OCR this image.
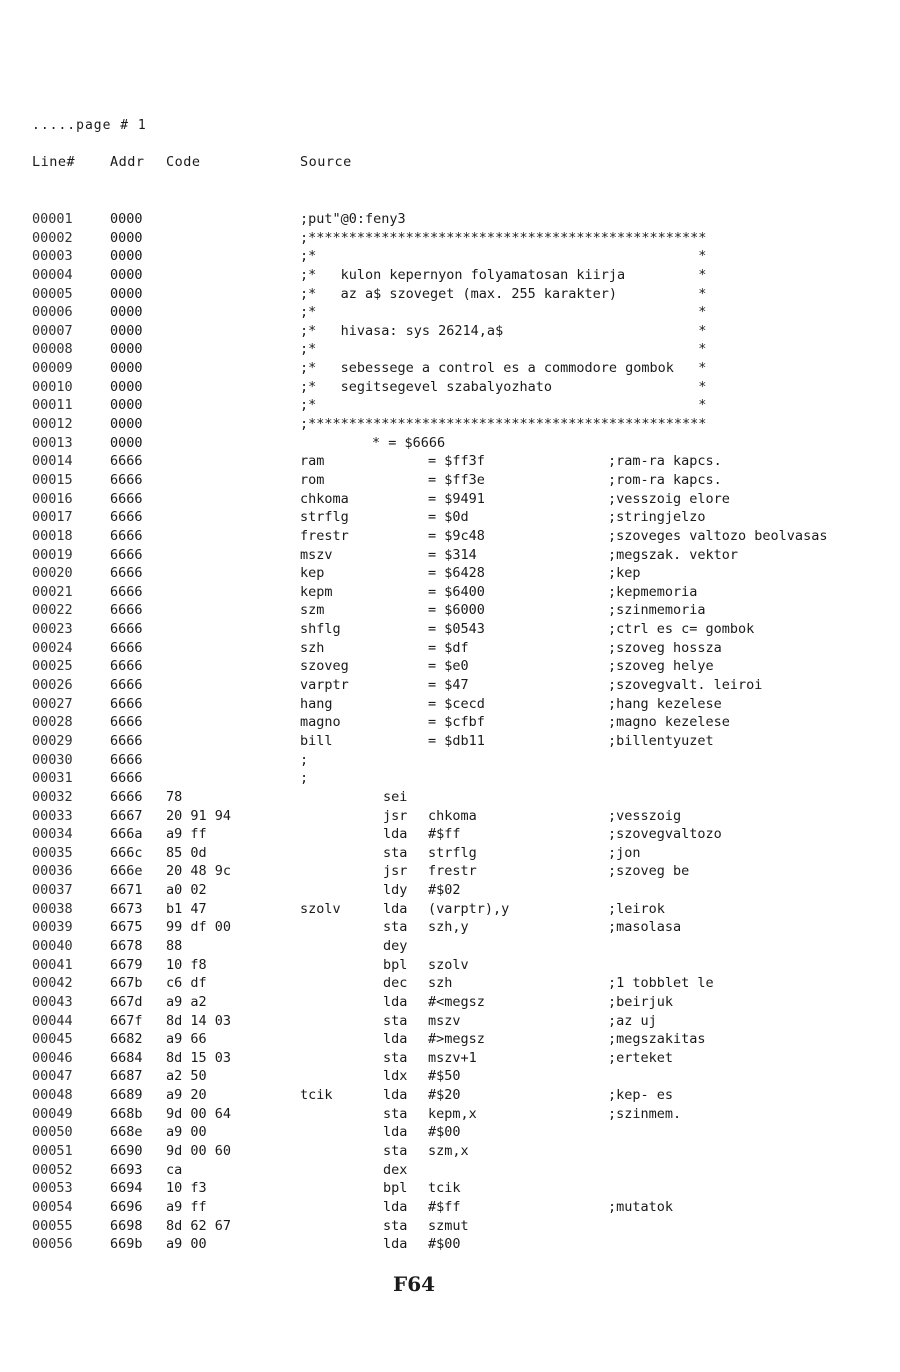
.....page # 1
Line#	Addr Code	Source
00001	0000	;put"@0:feny3
00002	0000	;*************************************************
00003	0000	;*                                               *
00004	0000	;*   kulon kepernyon folyamatosan kiirja         *
00005	0000	;*   az a$ szoveget (max. 255 karakter)          *
00006	0000	;*                                               *
00007	0000	;*   hivasa: sys 26214,a$                        *
00008	0000	;*                                               *
00009	0000	;*   sebessege a control es a commodore gombok   *
00010	0000	;*   segitsegevel szabalyozhato                  *
00011	0000	;*                                               *
00012	0000	;*************************************************
00013	0000	* = $6666
00014	6666	ram	= $ff3f	;ram-ra kapcs.
00015	6666	rom	= $ff3e	;rom-ra kapcs.
00016	6666	chkoma	= $9491	;vesszoig elore
00017	6666	strflg	= $0d	;stringjelzo
00018	6666	frestr	= $9c48	;szoveges valtozo beolvasas
00019	6666	mszv	= $314	;megszak. vektor
00020	6666	kep	= $6428	;kep
00021	6666	kepm	= $6400	;kepmemoria
00022	6666	szm	= $6000	;szinmemoria
00023	6666	shflg	= $0543	;ctrl es c= gombok
00024	6666	szh	= $df	;szoveg hossza
00025	6666	szoveg	= $e0	;szoveg helye
00026	6666	varptr	= $47	;szovegvalt. leiroi
00027	6666	hang	= $cecd	;hang kezelese
00028	6666	magno	= $cfbf	;magno kezelese
00029	6666	bill	= $db11	;billentyuzet
00030	6666	;
00031	6666	;
00032	6666 78	sei
00033	6667 20 91 94	jsr chkoma	;vesszoig
00034	666a a9 ff	lda #$ff	;szovegvaltozo
00035	666c 85 0d	sta strflg	;jon
00036	666e 20 48 9c	jsr frestr	;szoveg be
00037	6671 a0 02	ldy #$02
00038	6673 b1 47	szolv	lda (varptr),y	;leirok
00039	6675 99 df 00	sta szh,y	;masolasa
00040	6678 88	dey
00041	6679 10 f8	bpl szolv
00042	667b c6 df	dec szh	;1 tobblet le
00043	667d a9 a2	lda #<megsz	;beirjuk
00044	667f 8d 14 03	sta mszv	;az uj
00045	6682 a9 66	lda #>megsz	;megszakitas
00046	6684 8d 15 03	sta mszv+1	;erteket
00047	6687 a2 50	ldx #$50
00048	6689 a9 20	tcik	lda #$20	;kep- es
00049	668b 9d 00 64	sta kepm,x	;szinmem.
00050	668e a9 00	lda #$00
00051	6690 9d 00 60	sta szm,x
00052	6693 ca	dex
00053	6694 10 f3	bpl tcik
00054	6696 a9 ff	lda #$ff	;mutatok
00055	6698 8d 62 67	sta szmut
00056	669b a9 00	lda #$00
F64
